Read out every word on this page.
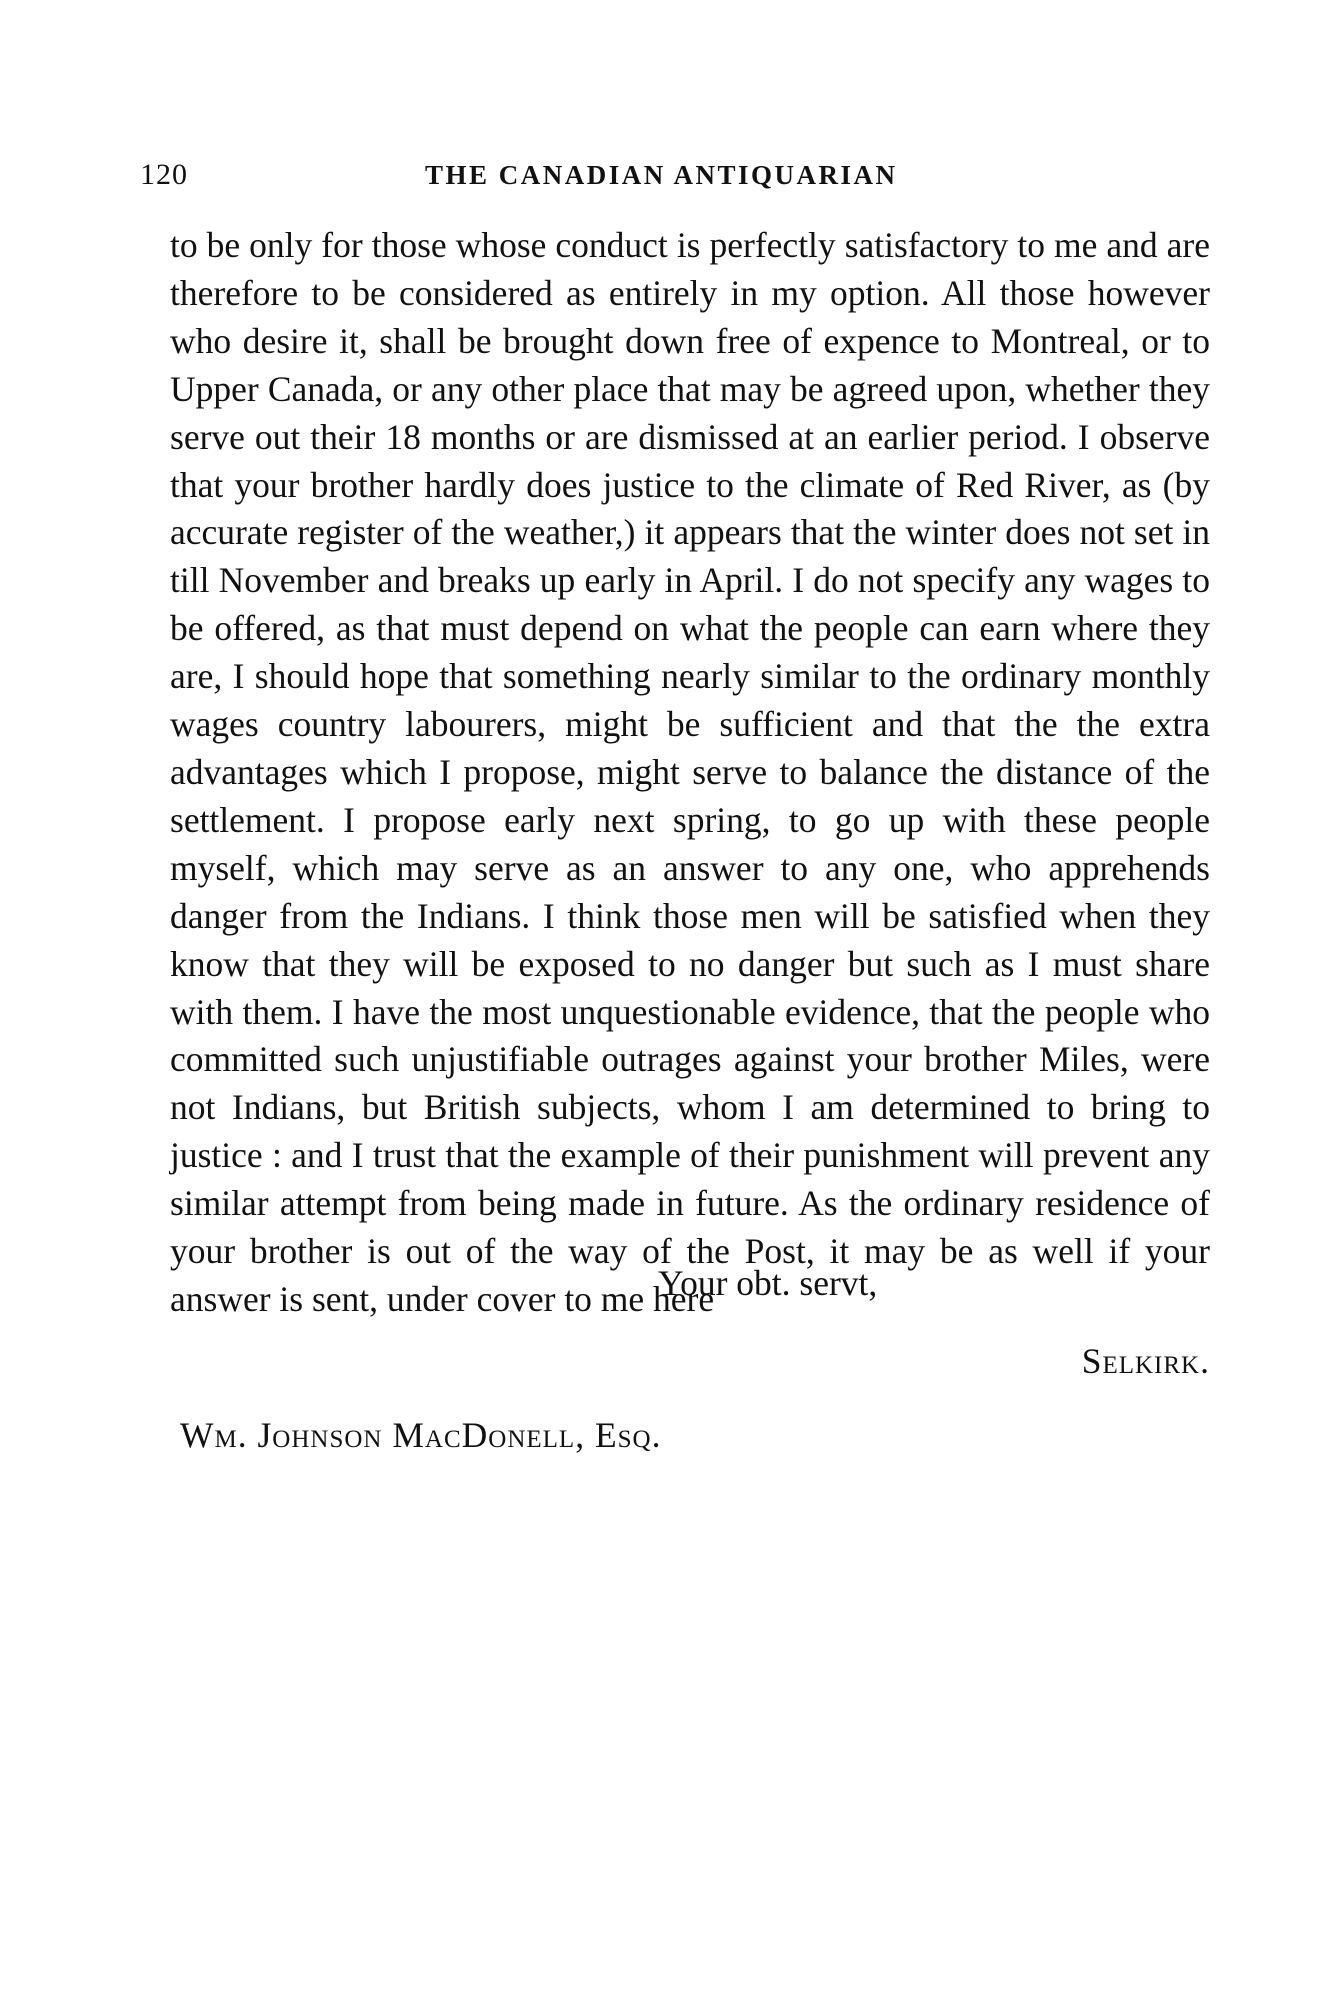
120	THE CANADIAN ANTIQUARIAN

to be only for those whose conduct is perfectly satisfactory to me and are therefore to be considered as entirely in my option. All those however who desire it, shall be brought down free of expence to Montreal, or to Upper Canada, or any other place that may be agreed upon, whether they serve out their 18 months or are dismissed at an earlier period. I observe that your brother hardly does justice to the climate of Red River, as (by accurate register of the weather,) it appears that the winter does not set in till November and breaks up early in April. I do not specify any wages to be offered, as that must depend on what the people can earn where they are, I should hope that something nearly similar to the ordinary monthly wages country labourers, might be sufficient and that the the extra advantages which I propose, might serve to balance the distance of the settlement. I propose early next spring, to go up with these people myself, which may serve as an answer to any one, who apprehends danger from the Indians. I think those men will be satisfied when they know that they will be exposed to no danger but such as I must share with them. I have the most unquestionable evidence, that the people who committed such unjustifiable outrages against your brother Miles, were not Indians, but British subjects, whom I am determined to bring to justice : and I trust that the example of their punishment will prevent any similar attempt from being made in future. As the ordinary residence of your brother is out of the way of the Post, it may be as well if your answer is sent, under cover to me here

Your obt. servt,
Selkirk.
Wm. Johnson MacDonell, Esq.
